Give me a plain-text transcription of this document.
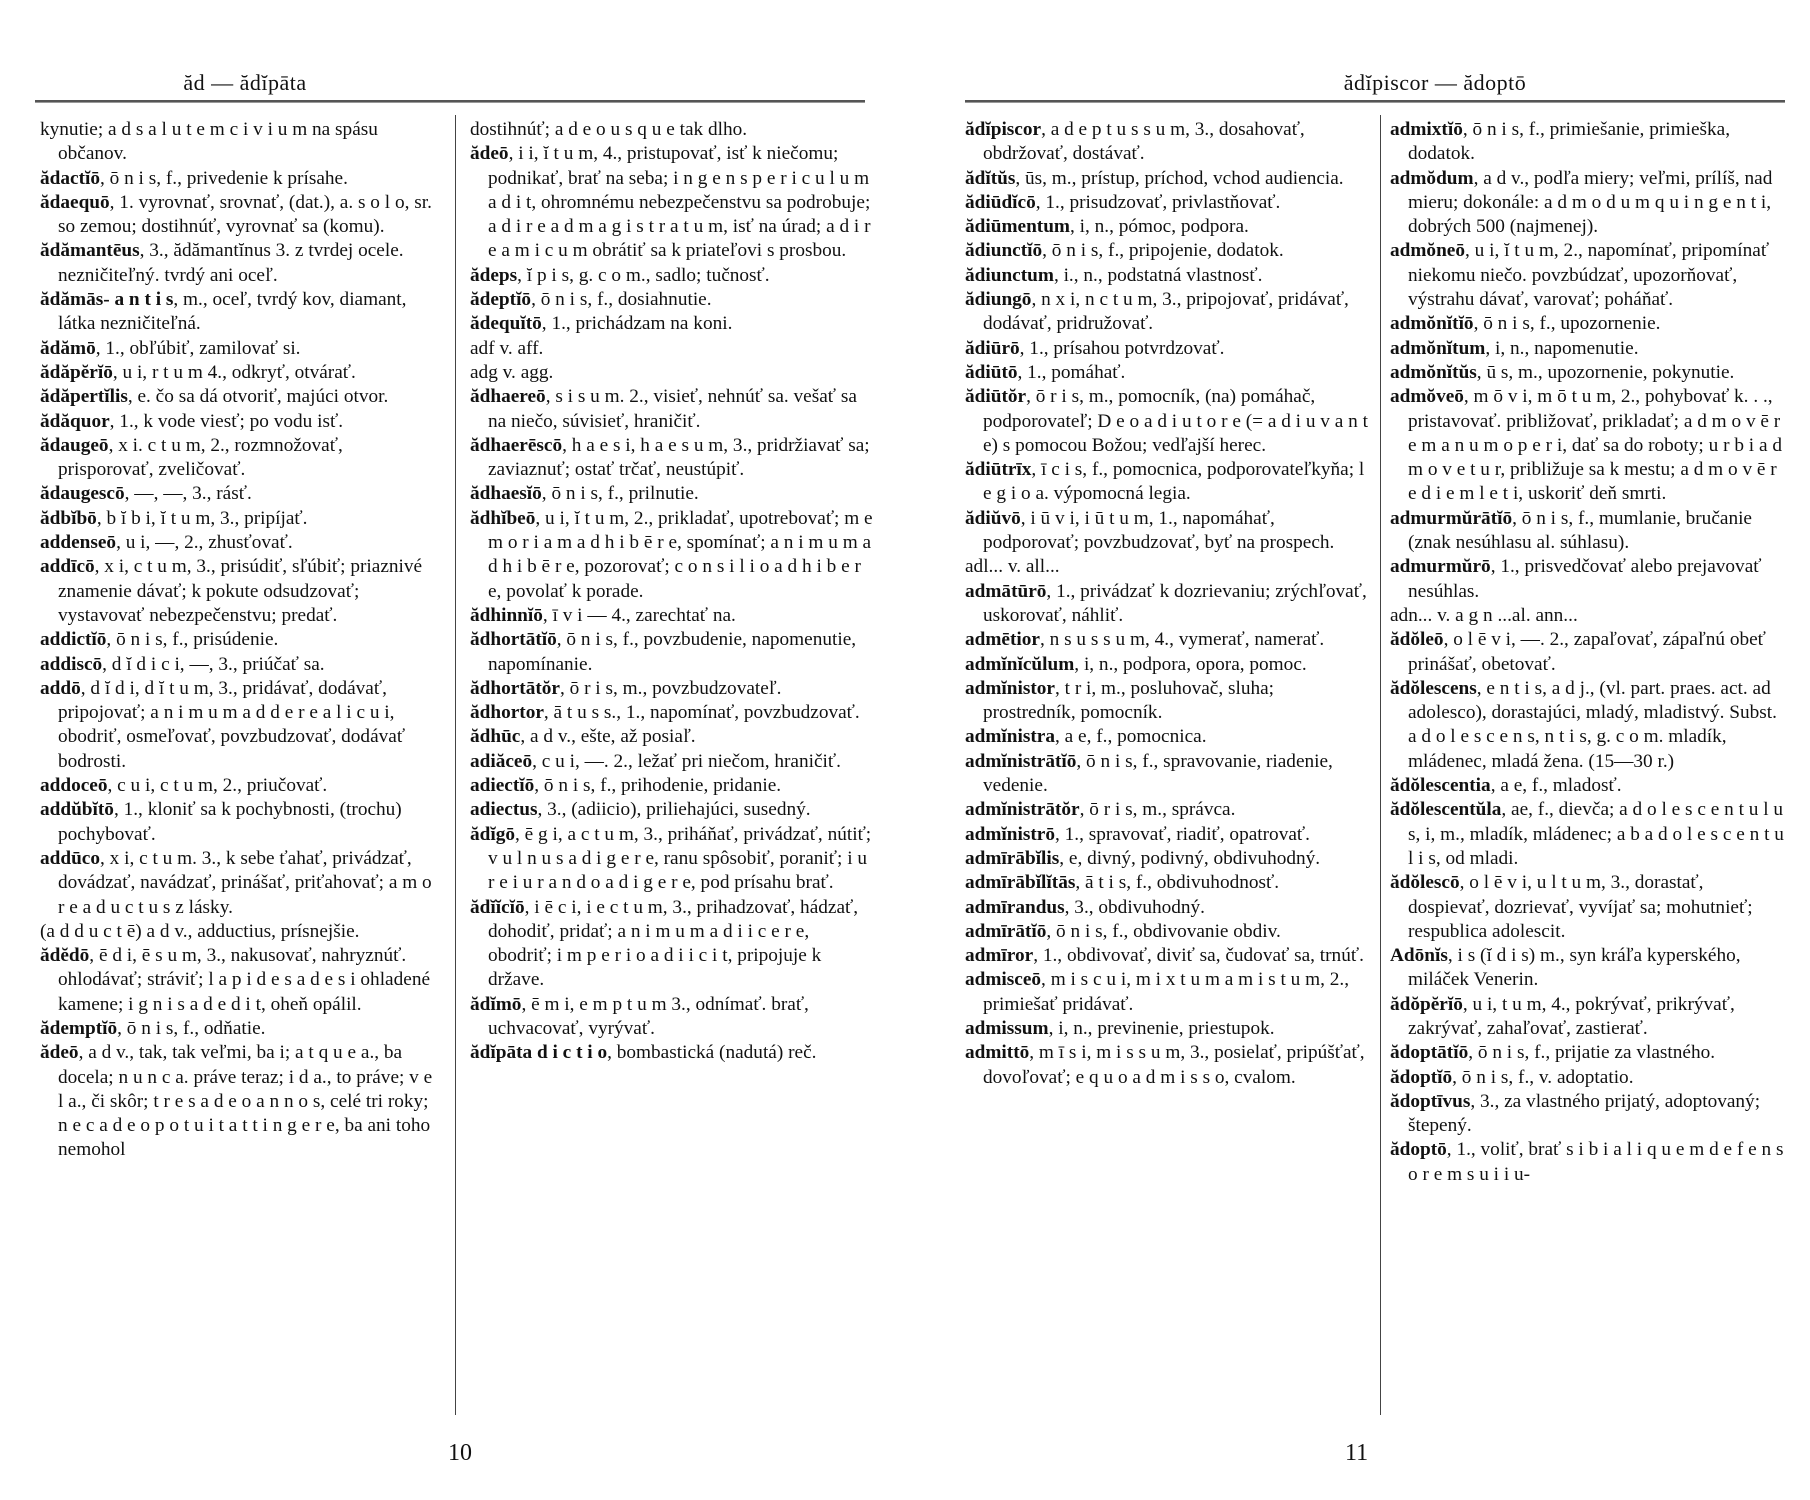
ăd — ădĭpāta

kynutie; a d s a l u t e m c i v i u m na spásu občanov.

ădactĭō, ō n i s, f., privedenie k prísahe.

ădaequō, 1. vyrovnať, srovnať, (dat.), a. s o l o, sr. so zemou; dostihnúť, vyrovnať sa (komu).

ădămantēus, 3., ădămantĭnus 3. z tvrdej ocele. nezničiteľný. tvrdý ani oceľ.

ădămās- a n t i s, m., oceľ, tvrdý kov, diamant, látka nezničiteľná.

ădămō, 1., obľúbiť, zamilovať si.

ădăpĕrĭō, u i, r t u m 4., odkryť, otvárať.

ădăpertĭlis, e. čo sa dá otvoriť, majúci otvor.

ădăquor, 1., k vode viesť; po vodu isť.

ădaugeō, x i. c t u m, 2., rozmnožovať, prisporovať, zveličovať.

ădaugescō, —, —, 3., rásť.

ădbĭbō, b ĭ b i, ĭ t u m, 3., pripíjať.

addenseō, u i, —, 2., zhusťovať.

addīcō, x i, c t u m, 3., prisúdiť, sľúbiť; priaznivé znamenie dávať; k pokute odsudzovať; vystavovať nebezpečenstvu; predať.

addictĭō, ō n i s, f., prisúdenie.

addiscō, d ĭ d i c i, —, 3., priúčať sa.

addō, d ĭ d i, d ĭ t u m, 3., pridávať, dodávať, pripojovať; a n i m u m a d d e r e a l i c u i, obodriť, osmeľovať, povzbudzovať, dodávať bodrosti.

addoceō, c u i, c t u m, 2., priučovať.

addŭbĭtō, 1., kloniť sa k pochybnosti, (trochu) pochybovať.

addūco, x i, c t u m. 3., k sebe ťahať, privádzať, dovádzať, navádzať, prinášať, priťahovať; a m o r e a d u c t u s z lásky.

(a d d u c t ē) a d v., adductius, prísnejšie.

ădĕdō, ē d i, ē s u m, 3., nakusovať, nahryznúť. ohlodávať; stráviť; l a p i d e s a d e s i ohladené kamene; i g n i s a d e d i t, oheň opálil.

ădemptĭō, ō n i s, f., odňatie.

ădeō, a d v., tak, tak veľmi, ba i; a t q u e a., ba docela; n u n c a. práve teraz; i d a., to práve; v e l a., či skôr; t r e s a d e o a n n o s, celé tri roky; n e c a d e o p o t u i t a t t i n g e r e, ba ani toho nemohol

dostihnúť; a d e o u s q u e tak dlho.

ădeō, i i, ĭ t u m, 4., pristupovať, isť k niečomu; podnikať, brať na seba; i n g e n s p e r i c u l u m a d i t, ohromnému nebezpečenstvu sa podrobuje; a d i r e a d m a g i s t r a t u m, isť na úrad; a d i r e a m i c u m obrátiť sa k priateľovi s prosbou.

ădeps, ĭ p i s, g. c o m., sadlo; tučnosť.

ădeptĭō, ō n i s, f., dosiahnutie.

ădequĭtō, 1., prichádzam na koni.

adf v. aff.

adg v. agg.

ădhaereō, s i s u m. 2., visieť, nehnúť sa. vešať sa na niečo, súvisieť, hraničiť.

ădhaerēscō, h a e s i, h a e s u m, 3., pridržiavať sa; zaviaznuť; ostať trčať, neustúpiť.

ădhaesĭō, ō n i s, f., prilnutie.

ădhĭbeō, u i, ĭ t u m, 2., prikladať, upotrebovať; m e m o r i a m a d h i b ē r e, spomínať; a n i m u m a d h i b ē r e, pozorovať; c o n s i l i o a d h i b e r e, povolať k porade.

ădhinnĭō, ī v i — 4., zarechtať na.

ădhortātĭō, ō n i s, f., povzbudenie, napomenutie, napomínanie.

ădhortātŏr, ō r i s, m., povzbudzovateľ.

ădhortor, ā t u s s., 1., napomínať, povzbudzovať.

ădhūc, a d v., ešte, až posiaľ.

adiăceō, c u i, —. 2., ležať pri niečom, hraničiť.

adiectĭō, ō n i s, f., prihodenie, pridanie.

adiectus, 3., (adiicio), priliehajúci, susedný.

ădĭgō, ē g i, a c t u m, 3., priháňať, privádzať, nútiť; v u l n u s a d i g e r e, ranu spôsobiť, poraniť; i u r e i u r a n d o a d i g e r e, pod prísahu brať.

ădĭĭcĭō, i ē c i, i e c t u m, 3., prihadzovať, hádzať, dohodiť, pridať; a n i m u m a d i i c e r e, obodriť; i m p e r i o a d i i c i t, pripojuje k države.

ădĭmō, ē m i, e m p t u m 3., odnímať. brať, uchvacovať, vyrývať.

ădĭpāta d i c t i o, bombastická (nadutá) reč.

10
ădĭpiscor — ădoptō

ădĭpiscor, a d e p t u s s u m, 3., dosahovať, obdržovať, dostávať.

ădĭtŭs, ūs, m., prístup, príchod, vchod audiencia.

ădiūdĭcō, 1., prisudzovať, privlastňovať.

ădiūmentum, i, n., pómoc, podpora.

ădiunctĭō, ō n i s, f., pripojenie, dodatok.

ădiunctum, i., n., podstatná vlastnosť.

ădiungō, n x i, n c t u m, 3., pripojovať, pridávať, dodávať, pridružovať.

ădiūrō, 1., prísahou potvrdzovať.

ădiūtō, 1., pomáhať.

ădiūtŏr, ō r i s, m., pomocník, (na) pomáhač, podporovateľ; D e o a d i u t o r e (= a d i u v a n t e) s pomocou Božou; vedľajší herec.

ădiūtrīx, ī c i s, f., pomocnica, podporovateľkyňa; l e g i o a. výpomocná legia.

ădiŭvō, i ū v i, i ū t u m, 1., napomáhať, podporovať; povzbudzovať, byť na prospech.

adl... v. all...

admātūrō, 1., privádzať k dozrievaniu; zrýchľovať, uskorovať, náhliť.

admētior, n s u s s u m, 4., vymerať, namerať.

admĭnĭcŭlum, i, n., podpora, opora, pomoc.

admĭnistor, t r i, m., posluhovač, sluha; prostredník, pomocník.

admĭnistra, a e, f., pomocnica.

admĭnistrātĭō, ō n i s, f., spravovanie, riadenie, vedenie.

admĭnistrātŏr, ō r i s, m., správca.

admĭnistrō, 1., spravovať, riadiť, opatrovať.

admīrābĭlis, e, divný, podivný, obdivuhodný.

admīrābĭlĭtās, ā t i s, f., obdivuhodnosť.

admīrandus, 3., obdivuhodný.

admīrātĭō, ō n i s, f., obdivovanie obdiv.

admīror, 1., obdivovať, diviť sa, čudovať sa, trnúť.

admisceō, m i s c u i, m i x t u m a m i s t u m, 2., primiešať pridávať.

admissum, i, n., previnenie, priestupok.

admittō, m ī s i, m i s s u m, 3., posielať, pripúšťať, dovoľovať; e q u o a d m i s s o, cvalom.

admixtĭō, ō n i s, f., primiešanie, primieška, dodatok.

admŏdum, a d v., podľa miery; veľmi, prílíš, nad mieru; dokonále: a d m o d u m q u i n g e n t i, dobrých 500 (najmenej).

admŏneō, u i, ĭ t u m, 2., napomínať, pripomínať niekomu niečo. povzbúdzať, upozorňovať, výstrahu dávať, varovať; poháňať.

admŏnĭtĭō, ō n i s, f., upozornenie.

admŏnĭtum, i, n., napomenutie.

admŏnĭtŭs, ū s, m., upozornenie, pokynutie.

admŏveō, m ō v i, m ō t u m, 2., pohybovať k. . ., pristavovať. približovať, prikladať; a d m o v ē r e m a n u m o p e r i, dať sa do roboty; u r b i a d m o v e t u r, približuje sa k mestu; a d m o v ē r e d i e m l e t i, uskoriť deň smrti.

admurmŭrātĭō, ō n i s, f., mumlanie, bručanie (znak nesúhlasu al. súhlasu).

admurmŭrō, 1., prisvedčovať alebo prejavovať nesúhlas.

adn... v. a g n ...al. ann...

ădŏleō, o l ē v i, —. 2., zapaľovať, zápaľnú obeť prinášať, obetovať.

ădŏlescens, e n t i s, a d j., (vl. part. praes. act. ad adolesco), dorastajúci, mladý, mladistvý. Subst. a d o l e s c e n s, n t i s, g. c o m. mladík, mládenec, mladá žena. (15—30 r.)

ădŏlescentia, a e, f., mladosť.

ădŏlescentŭla, ae, f., dievča; a d o l e s c e n t u l u s, i, m., mladík, mládenec; a b a d o l e s c e n t u l i s, od mladi.

ădŏlescō, o l ē v i, u l t u m, 3., dorastať, dospievať, dozrievať, vyvíjať sa; mohutnieť; respublica adolescit.

Adōnĭs, i s (ĭ d i s) m., syn kráľa kyperského, miláček Venerin.

ădŏpĕrĭō, u i, t u m, 4., pokrývať, prikrývať, zakrývať, zahaľovať, zastierať.

ădoptātĭō, ō n i s, f., prijatie za vlastného.

ădoptĭō, ō n i s, f., v. adoptatio.

ădoptīvus, 3., za vlastného prijatý, adoptovaný; štepený.

ădoptō, 1., voliť, brať s i b i a l i q u e m d e f e n s o r e m s u i i u-

11
